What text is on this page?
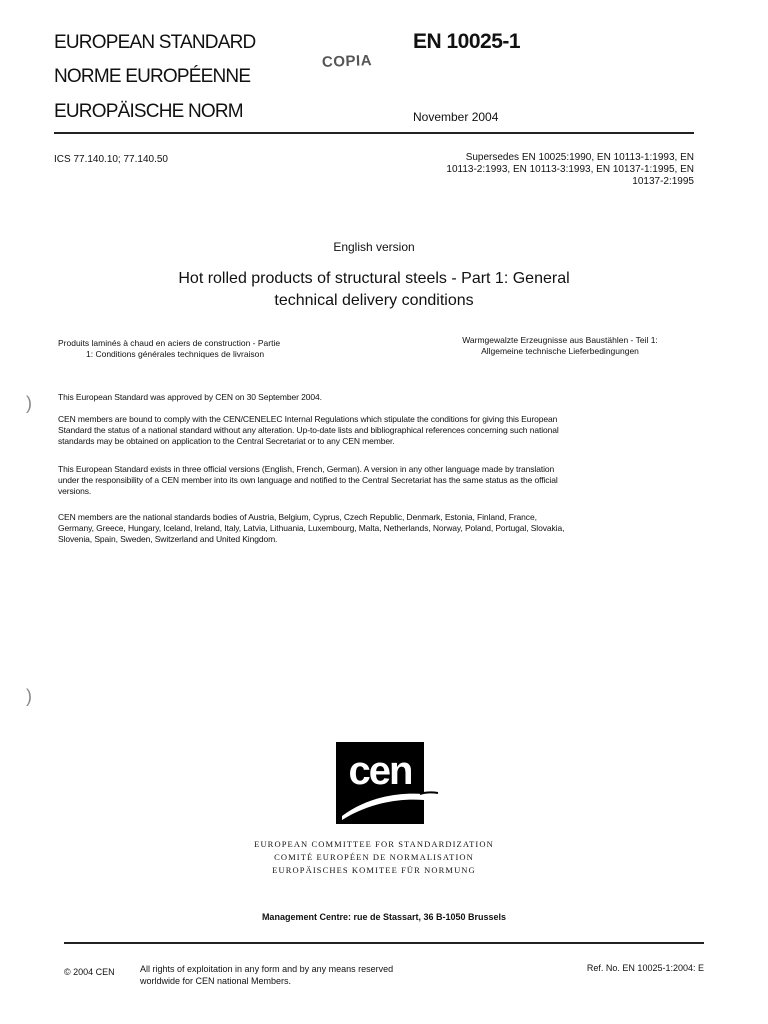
EUROPEAN STANDARD
NORME EUROPÉENNE
EUROPÄISCHE NORM
COPIA
EN 10025-1
November 2004
ICS 77.140.10; 77.140.50	Supersedes EN 10025:1990, EN 10113-1:1993, EN
10113-2:1993, EN 10113-3:1993, EN 10137-1:1995, EN
10137-2:1995
English version
Hot rolled products of structural steels - Part 1: General
technical delivery conditions
Produits laminés à chaud en aciers de construction - Partie
1: Conditions générales techniques de livraison
Warmgewalzte Erzeugnisse aus Baustählen - Teil 1:
Allgemeine technische Lieferbedingungen
)
)
This European Standard was approved by CEN on 30 September 2004.
CEN members are bound to comply with the CEN/CENELEC Internal Regulations which stipulate the conditions for giving this European
Standard the status of a national standard without any alteration. Up-to-date lists and bibliographical references concerning such national
standards may be obtained on application to the Central Secretariat or to any CEN member.
This European Standard exists in three official versions (English, French, German). A version in any other language made by translation
under the responsibility of a CEN member into its own language and notified to the Central Secretariat has the same status as the official
versions.
CEN members are the national standards bodies of Austria, Belgium, Cyprus, Czech Republic, Denmark, Estonia, Finland, France,
Germany, Greece, Hungary, Iceland, Ireland, Italy, Latvia, Lithuania, Luxembourg, Malta, Netherlands, Norway, Poland, Portugal, Slovakia,
Slovenia, Spain, Sweden, Switzerland and United Kingdom.
cen
EUROPEAN COMMITTEE FOR STANDARDIZATION
COMITÉ EUROPÉEN DE NORMALISATION
EUROPÄISCHES KOMITEE FÜR NORMUNG
Management Centre: rue de Stassart, 36 B-1050 Brussels
© 2004 CEN	All rights of exploitation in any form and by any means reserved
worldwide for CEN national Members.
Ref. No. EN 10025-1:2004: E
